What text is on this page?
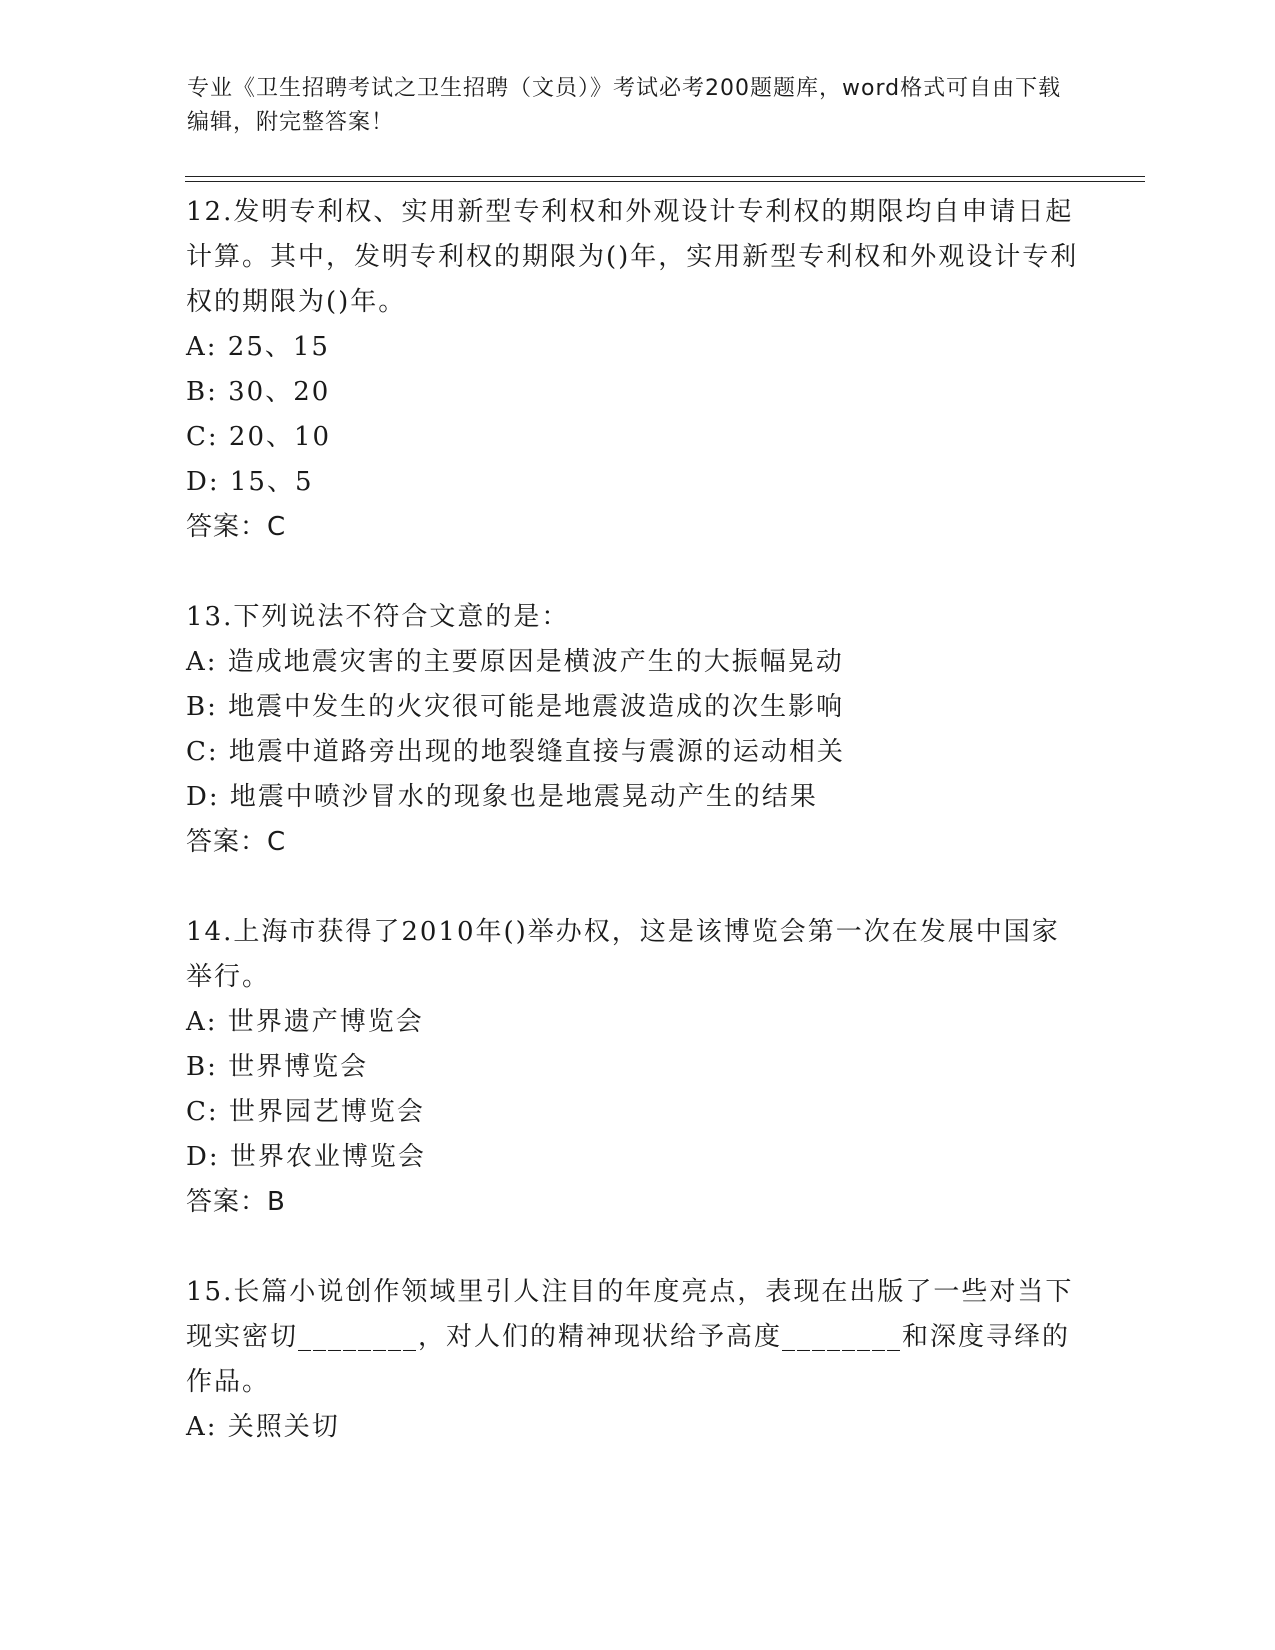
专业《卫生招聘考试之卫生招聘（文员）》考试必考200题题库，word格式可自由下载编辑，附完整答案！

12.发明专利权、实用新型专利权和外观设计专利权的期限均自申请日起计算。其中，发明专利权的期限为()年，实用新型专利权和外观设计专利权的期限为()年。

A: 25、15

B: 30、20

C: 20、10

D: 15、5

答案：C

13.下列说法不符合文意的是：

A: 造成地震灾害的主要原因是横波产生的大振幅晃动

B: 地震中发生的火灾很可能是地震波造成的次生影响

C: 地震中道路旁出现的地裂缝直接与震源的运动相关

D: 地震中喷沙冒水的现象也是地震晃动产生的结果

答案：C

14.上海市获得了2010年()举办权，这是该博览会第一次在发展中国家举行。

A: 世界遗产博览会

B: 世界博览会

C: 世界园艺博览会

D: 世界农业博览会

答案：B

15.长篇小说创作领域里引人注目的年度亮点，表现在出版了一些对当下现实密切________，对人们的精神现状给予高度________和深度寻绎的作品。

A: 关照关切
